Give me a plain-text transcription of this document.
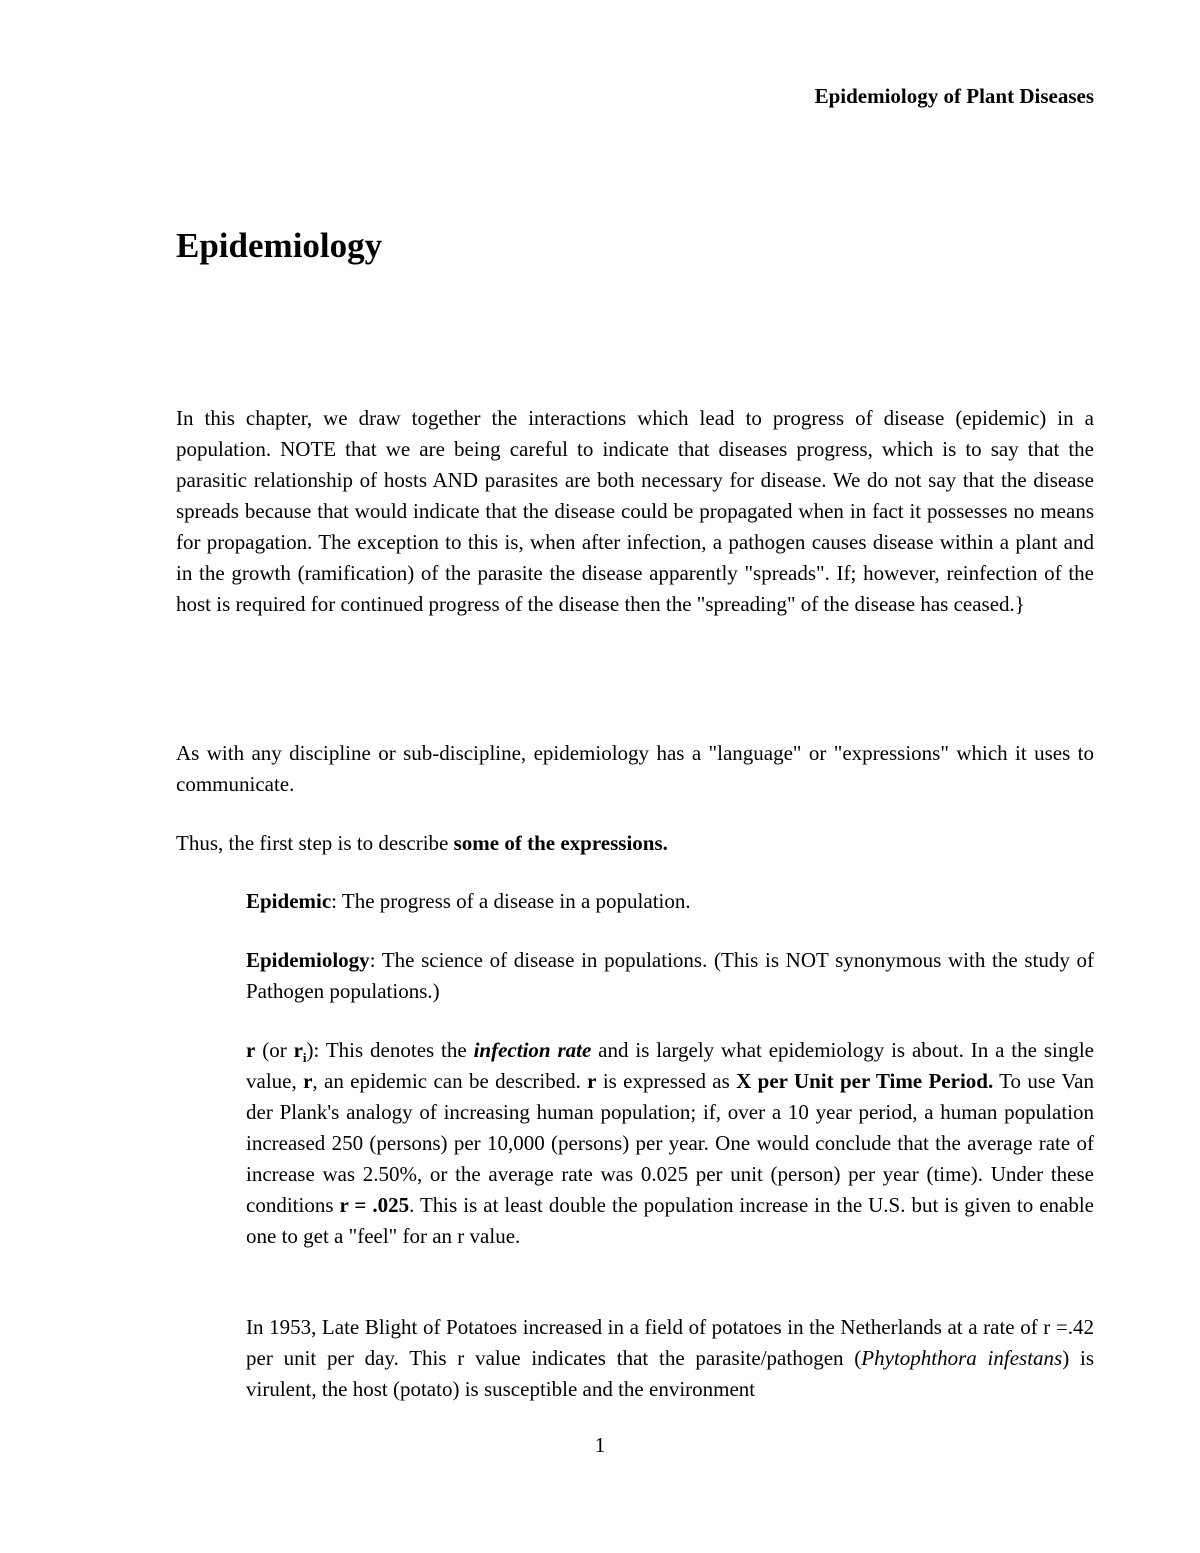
Epidemiology of Plant Diseases

Epidemiology

In this chapter, we draw together the interactions which lead to progress of disease (epidemic) in a population. NOTE that we are being careful to indicate that diseases progress, which is to say that the parasitic relationship of hosts AND parasites are both necessary for disease. We do not say that the disease spreads because that would indicate that the disease could be propagated when in fact it possesses no means for propagation. The exception to this is, when after infection, a pathogen causes disease within a plant and in the growth (ramification) of the parasite the disease apparently "spreads". If; however, reinfection of the host is required for continued progress of the disease then the "spreading" of the disease has ceased.}

As with any discipline or sub-discipline, epidemiology has a "language" or "expressions" which it uses to communicate.

Thus, the first step is to describe some of the expressions.

Epidemic: The progress of a disease in a population.

Epidemiology: The science of disease in populations. (This is NOT synonymous with the study of Pathogen populations.)

r (or $r_i$): This denotes the infection rate and is largely what epidemiology is about. In a the single value, r, an epidemic can be described. r is expressed as X per Unit per Time Period. To use Van der Plank's analogy of increasing human population; if, over a 10 year period, a human population increased 250 (persons) per 10,000 (persons) per year. One would conclude that the average rate of increase was 2.50%, or the average rate was 0.025 per unit (person) per year (time). Under these conditions r = .025. This is at least double the population increase in the U.S. but is given to enable one to get a "feel" for an r value.

In 1953, Late Blight of Potatoes increased in a field of potatoes in the Netherlands at a rate of r =.42 per unit per day. This r value indicates that the parasite/pathogen (Phytophthora infestans) is virulent, the host (potato) is susceptible and the environment

1
